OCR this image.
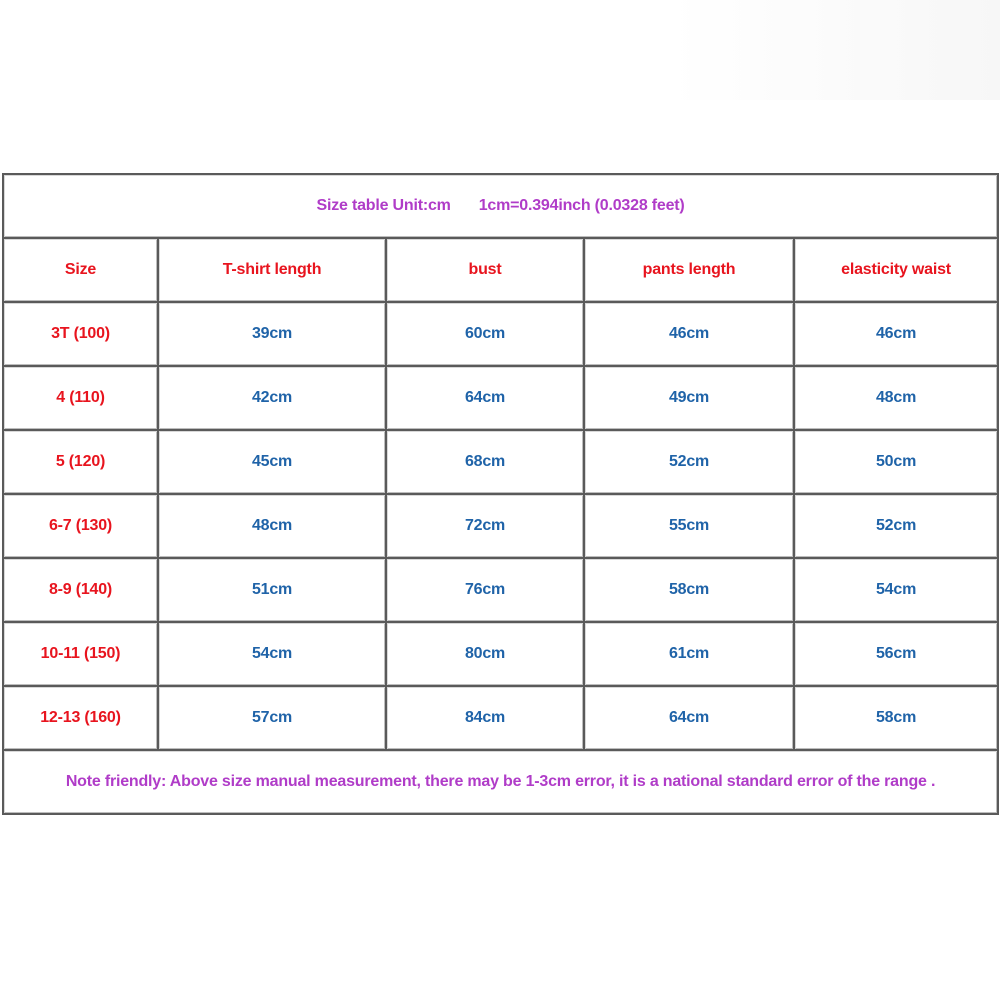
Size table Unit:cm 1cm=0.394inch (0.0328 feet)				
Size	T-shirt length	bust	pants length	elasticity waist
3T (100)	39cm	60cm	46cm	46cm
4 (110)	42cm	64cm	49cm	48cm
5 (120)	45cm	68cm	52cm	50cm
6-7 (130)	48cm	72cm	55cm	52cm
8-9 (140)	51cm	76cm	58cm	54cm
10-11 (150)	54cm	80cm	61cm	56cm
12-13 (160)	57cm	84cm	64cm	58cm
Note friendly: Above size manual measurement, there may be 1-3cm error, it is a national standard error of the range .				
